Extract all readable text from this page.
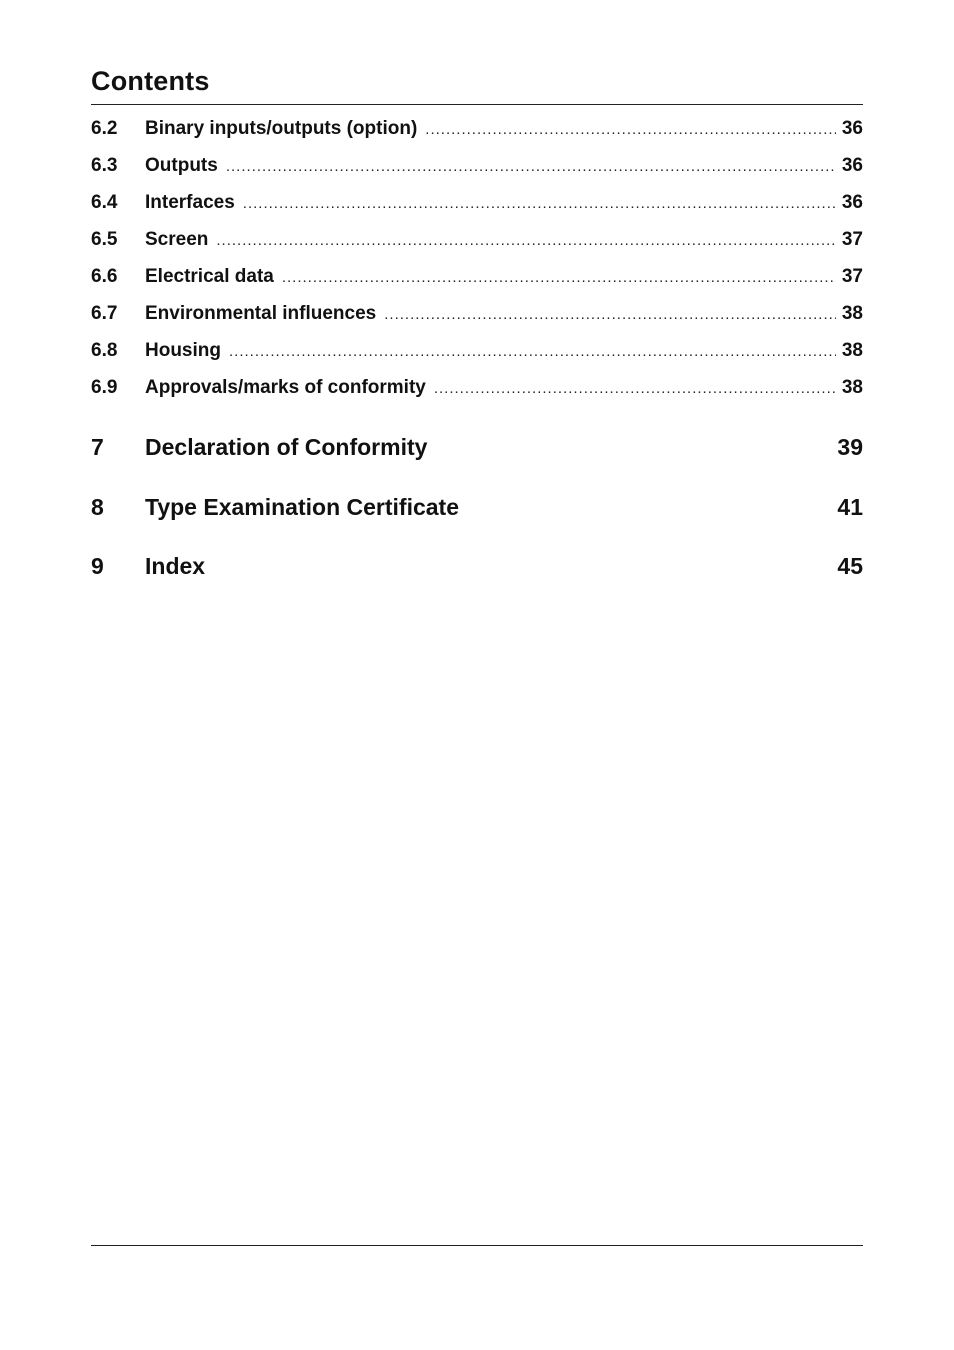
Contents
6.2	Binary inputs/outputs (option) .....	36
6.3	Outputs .....	36
6.4	Interfaces .....	36
6.5	Screen .....	37
6.6	Electrical data .....	37
6.7	Environmental influences .....	38
6.8	Housing .....	38
6.9	Approvals/marks of conformity .....	38
7	Declaration of Conformity	39
8	Type Examination Certificate	41
9	Index	45
